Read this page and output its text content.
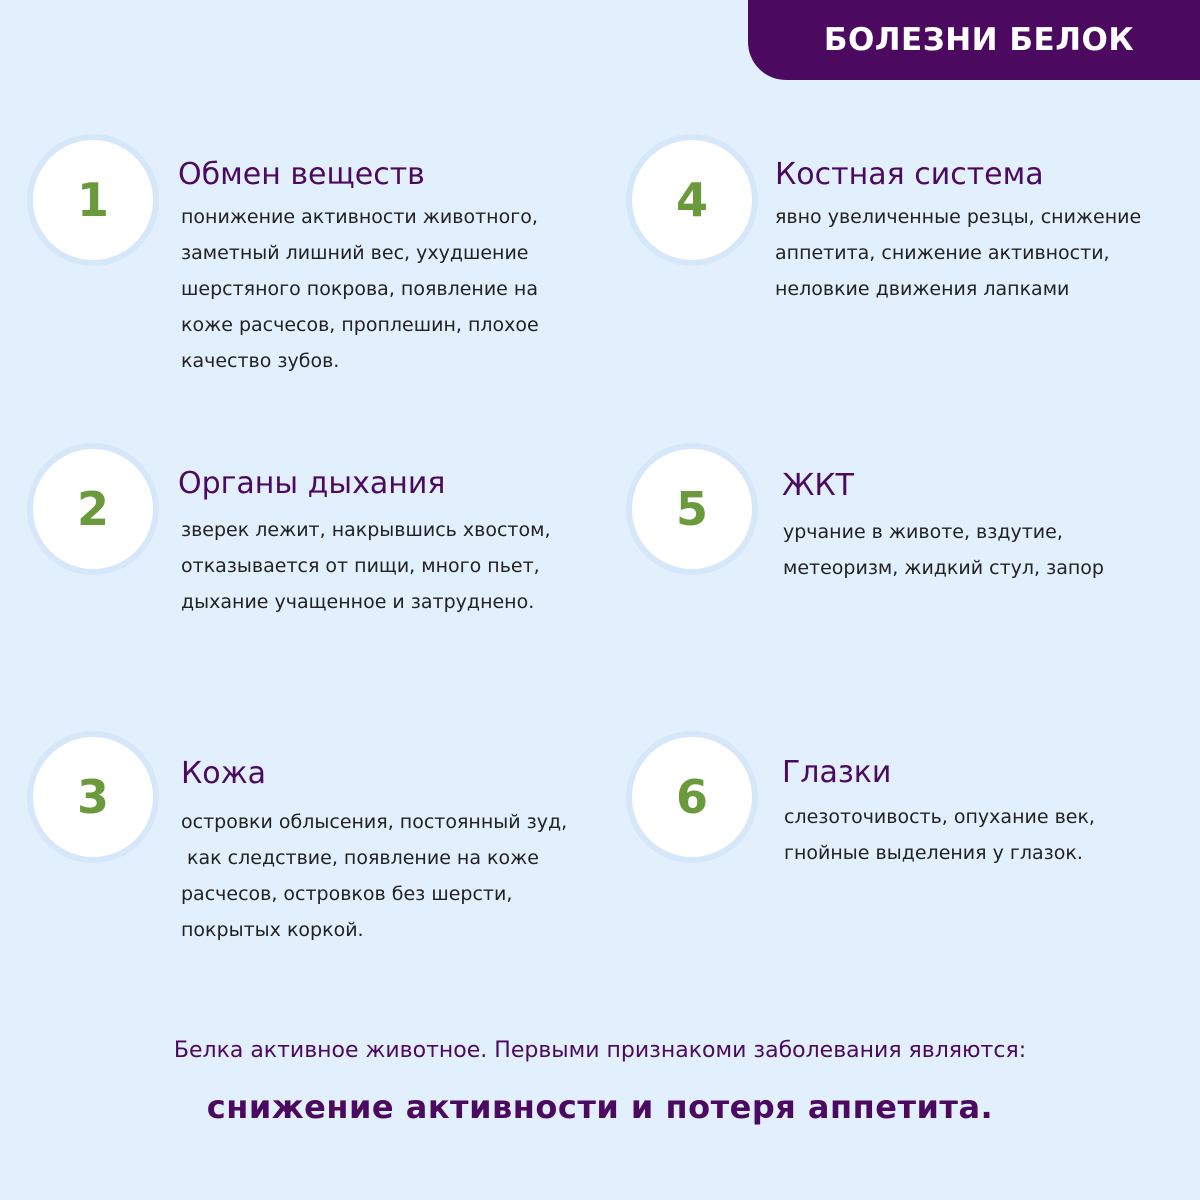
БОЛЕЗНИ БЕЛОК
1 Обмен веществ
понижение активности животного,
заметный лишний вес, ухудшение
шерстяного покрова, появление на
коже расчесов, проплешин, плохое
качество зубов.
2 Органы дыхания
зверек лежит, накрывшись хвостом,
отказывается от пищи, много пьет,
дыхание учащенное и затруднено.
3 Кожа
островки облысения, постоянный зуд,
как следствие, появление на коже
расчесов, островков без шерсти,
покрытых коркой.
4 Костная система
явно увеличенные резцы, снижение
аппетита, снижение активности,
неловкие движения лапками
5 ЖКТ
урчание в животе, вздутие,
метеоризм, жидкий стул, запор
6 Глазки
слезоточивость, опухание век,
гнойные выделения у глазок.
Белка активное животное. Первыми признакоми заболевания являются:
снижение активности и потеря аппетита.
